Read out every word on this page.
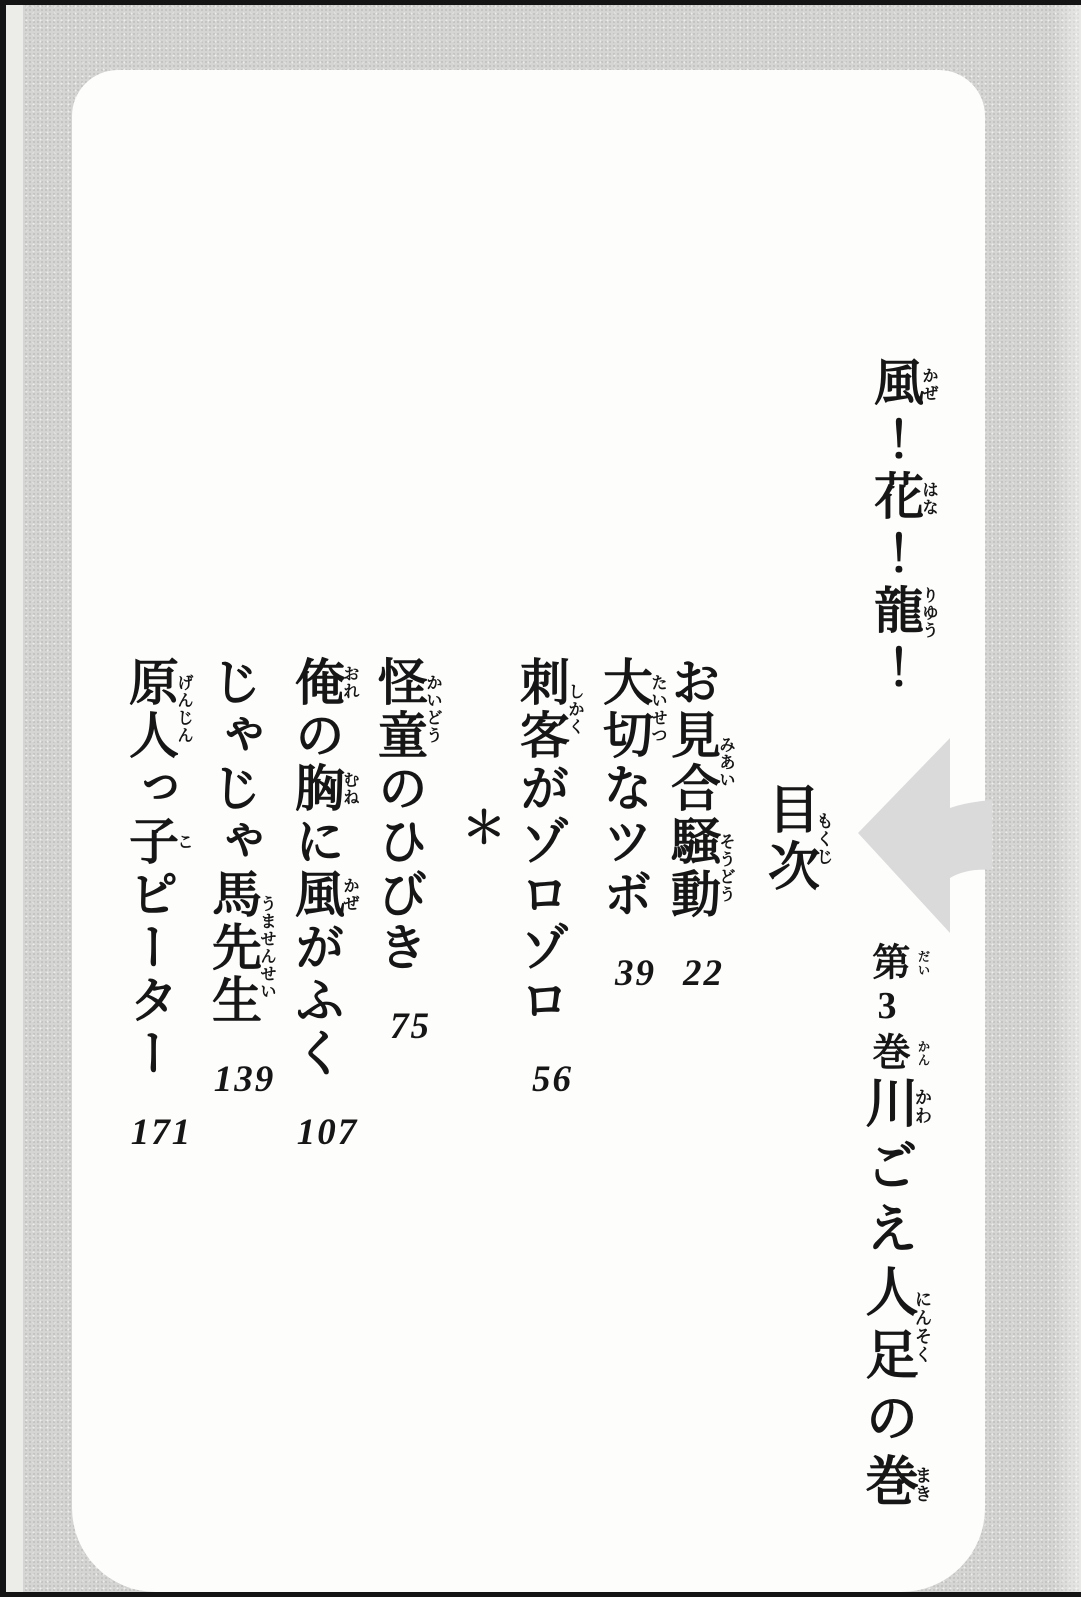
風かぜ！花はな！龍りゆう！
目次もくじ
第 だい3巻 かん川かわごえ人足にんそくの巻まき
お見合みあい騒動そうどう22
大切たいせつなツボ39
刺客しかくがゾロゾロ56
＊
怪童かいどうのひびき75
俺おれの胸むねに風かぜがふく107
じゃじゃ馬先生うませんせい139
原人げんじんっ子こピーター171
